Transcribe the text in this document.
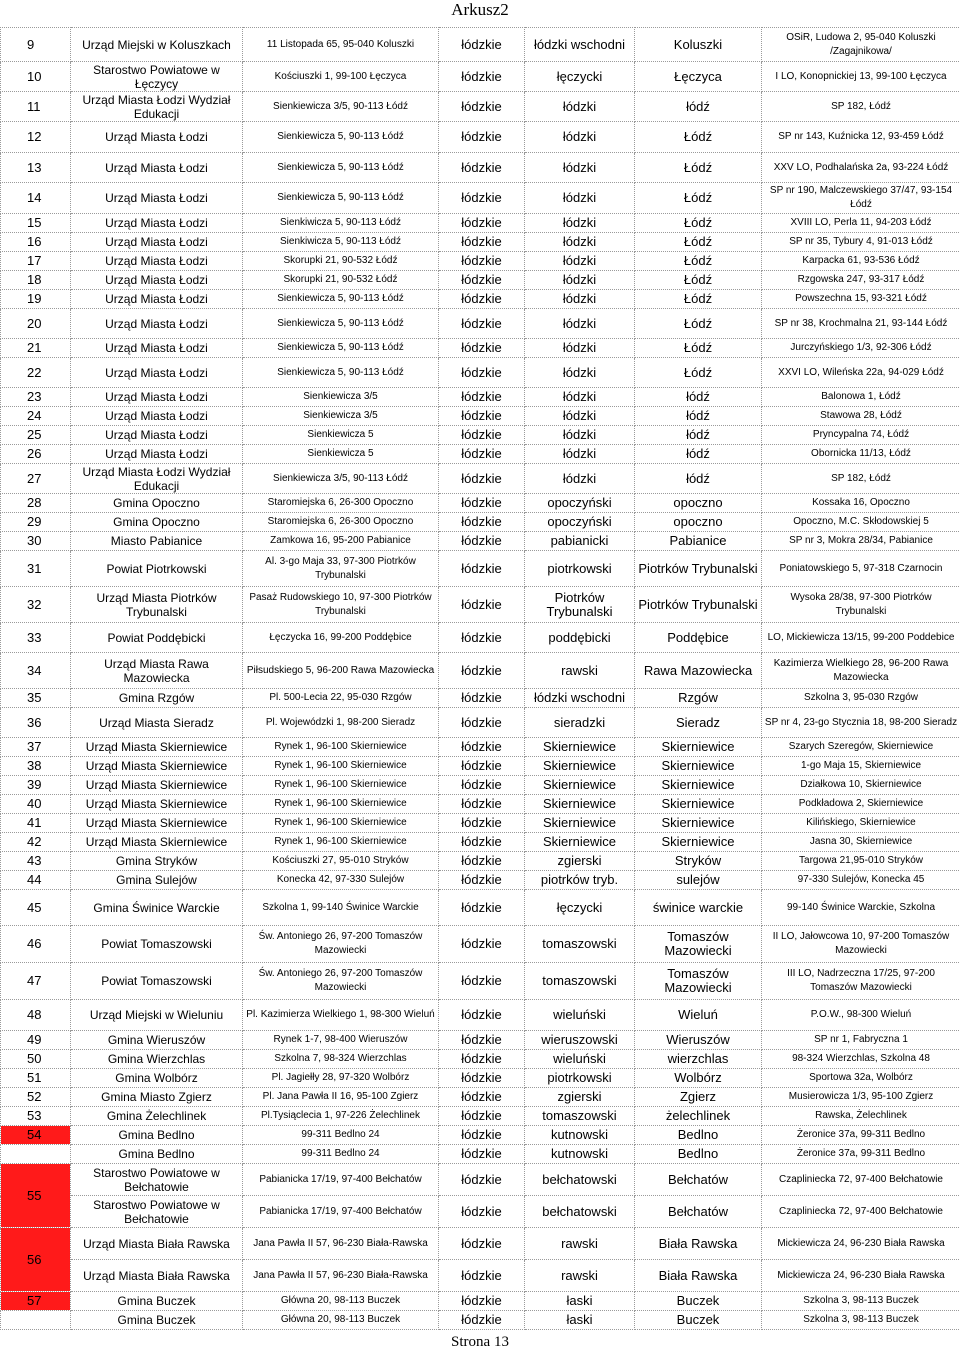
Arkusz2
9	Urząd Miejski w Koluszkach	11 Listopada 65, 95-040 Koluszki	łódzkie	łódzki wschodni	Koluszki	OSiR, Ludowa 2, 95-040 Koluszki /Zagajnikowa/
10	Starostwo Powiatowe w Łęczycy	Kościuszki 1, 99-100 Łęczyca	łódzkie	łęczycki	Łęczyca	I LO, Konopnickiej 13, 99-100 Łęczyca
11	Urząd Miasta Łodzi Wydział Edukacji	Sienkiewicza 3/5, 90-113 Łódź	łódzkie	łódzki	łódź	SP 182, Łódź
12	Urząd Miasta Łodzi	Sienkiewicza 5, 90-113 Łódź	łódzkie	łódzki	Łódź	SP nr 143, Kuźnicka 12, 93-459 Łódź
13	Urząd Miasta Łodzi	Sienkiewicza 5, 90-113 Łódź	łódzkie	łódzki	Łódź	XXV LO, Podhalańska 2a, 93-224 Łódź
14	Urząd Miasta Łodzi	Sienkiewicza 5, 90-113 Łódź	łódzkie	łódzki	Łódź	SP nr 190, Malczewskiego 37/47, 93-154 Łódź
15	Urząd Miasta Łodzi	Sienkiwicza 5, 90-113 Łódź	łódzkie	łódzki	Łódź	XVIII LO, Perla 11, 94-203 Łódź
16	Urząd Miasta Łodzi	Sienkiwicza 5, 90-113 Łódź	łódzkie	łódzki	Łódź	SP nr 35, Tybury 4, 91-013 Łódź
17	Urząd Miasta Łodzi	Skorupki 21, 90-532 Łódź	łódzkie	łódzki	Łódź	Karpacka 61, 93-536 Łódź
18	Urząd Miasta Łodzi	Skorupki 21, 90-532 Łódź	łódzkie	łódzki	Łódź	Rzgowska 247, 93-317 Łódź
19	Urząd Miasta Łodzi	Sienkiewicza 5, 90-113 Łódź	łódzkie	łódzki	Łódź	Powszechna 15, 93-321 Łódź
20	Urząd Miasta Łodzi	Sienkiewicza 5, 90-113 Łódź	łódzkie	łódzki	Łódź	SP nr 38, Krochmalna 21, 93-144 Łódź
21	Urząd Miasta Łodzi	Sienkiewicza 5, 90-113 Łódź	łódzkie	łódzki	Łódź	Jurczyńskiego 1/3, 92-306 Łódź
22	Urząd Miasta Łodzi	Sienkiewicza 5, 90-113 Łódź	łódzkie	łódzki	Łódź	XXVI LO, Wileńska 22a, 94-029 Łódź
23	Urząd Miasta Łodzi	Sienkiewicza 3/5	łódzkie	łódzki	łódź	Balonowa 1, Łódź
24	Urząd Miasta Łodzi	Sienkiewicza 3/5	łódzkie	łódzki	łódź	Stawowa 28, Łódź
25	Urząd Miasta Łodzi	Sienkiewicza 5	łódzkie	łódzki	łódź	Pryncypalna 74, Łódź
26	Urząd Miasta Łodzi	Sienkiewicza 5	łódzkie	łódzki	łódź	Obornicka 11/13, Łódź
27	Urząd Miasta Łodzi Wydział Edukacji	Sienkiewicza 3/5, 90-113 Łódź	łódzkie	łódzki	łódź	SP 182, Łódź
28	Gmina Opoczno	Staromiejska 6, 26-300 Opoczno	łódzkie	opoczyński	opoczno	Kossaka 16, Opoczno
29	Gmina Opoczno	Staromiejska 6, 26-300 Opoczno	łódzkie	opoczyński	opoczno	Opoczno, M.C. Skłodowskiej 5
30	Miasto Pabianice	Zamkowa 16, 95-200 Pabianice	łódzkie	pabianicki	Pabianice	SP nr 3, Mokra 28/34, Pabianice
31	Powiat Piotrkowski	Al. 3-go Maja 33, 97-300 Piotrków Trybunalski	łódzkie	piotrkowski	Piotrków Trybunalski	Poniatowskiego 5, 97-318 Czarnocin
32	Urząd Miasta Piotrków Trybunalski	Pasaż Rudowskiego 10, 97-300 Piotrków Trybunalski	łódzkie	Piotrków Trybunalski	Piotrków Trybunalski	Wysoka 28/38, 97-300 Piotrków Trybunalski
33	Powiat Poddębicki	Łęczycka 16, 99-200 Poddębice	łódzkie	poddębicki	Poddębice	LO, Mickiewicza 13/15, 99-200 Poddebice
34	Urząd Miasta Rawa Mazowiecka	Piłsudskiego 5, 96-200 Rawa Mazowiecka	łódzkie	rawski	Rawa Mazowiecka	Kazimierza Wielkiego 28, 96-200 Rawa Mazowiecka
35	Gmina Rzgów	Pl. 500-Lecia 22, 95-030 Rzgów	łódzkie	łódzki wschodni	Rzgów	Szkolna 3, 95-030 Rzgów
36	Urząd Miasta Sieradz	Pl. Wojewódzki 1, 98-200 Sieradz	łódzkie	sieradzki	Sieradz	SP nr 4, 23-go Stycznia 18, 98-200 Sieradz
37	Urząd Miasta Skierniewice	Rynek 1, 96-100 Skierniewice	łódzkie	Skierniewice	Skierniewice	Szarych Szeregów, Skierniewice
38	Urząd Miasta Skierniewice	Rynek 1, 96-100 Skierniewice	łódzkie	Skierniewice	Skierniewice	1-go Maja 15, Skierniewice
39	Urząd Miasta Skierniewice	Rynek 1, 96-100 Skierniewice	łódzkie	Skierniewice	Skierniewice	Działkowa 10, Skierniewice
40	Urząd Miasta Skierniewice	Rynek 1, 96-100 Skierniewice	łódzkie	Skierniewice	Skierniewice	Podkładowa 2, Skierniewice
41	Urząd Miasta Skierniewice	Rynek 1, 96-100 Skierniewice	łódzkie	Skierniewice	Skierniewice	Kilińskiego, Skierniewice
42	Urząd Miasta Skierniewice	Rynek 1, 96-100 Skierniewice	łódzkie	Skierniewice	Skierniewice	Jasna 30, Skierniewice
43	Gmina Stryków	Kościuszki 27, 95-010 Stryków	łódzkie	zgierski	Stryków	Targowa 21,95-010 Stryków
44	Gmina Sulejów	Konecka 42, 97-330 Sulejów	łódzkie	piotrków tryb.	sulejów	97-330 Sulejów, Konecka 45
45	Gmina Świnice Warckie	Szkolna 1, 99-140 Świnice Warckie	łódzkie	łęczycki	świnice warckie	99-140 Świnice Warckie, Szkolna
46	Powiat Tomaszowski	Św. Antoniego 26, 97-200 Tomaszów Mazowiecki	łódzkie	tomaszowski	Tomaszów Mazowiecki	II LO, Jałowcowa 10, 97-200 Tomaszów Mazowiecki
47	Powiat Tomaszowski	Św. Antoniego 26, 97-200 Tomaszów Mazowiecki	łódzkie	tomaszowski	Tomaszów Mazowiecki	III LO, Nadrzeczna 17/25, 97-200 Tomaszów Mazowiecki
48	Urząd Miejski w Wieluniu	Pl. Kazimierza Wielkiego 1, 98-300 Wieluń	łódzkie	wieluński	Wieluń	P.O.W., 98-300 Wieluń
49	Gmina Wieruszów	Rynek 1-7, 98-400 Wieruszów	łódzkie	wieruszowski	Wieruszów	SP nr 1, Fabryczna 1
50	Gmina Wierzchlas	Szkolna 7, 98-324 Wierzchlas	łódzkie	wieluński	wierzchlas	98-324 Wierzchlas, Szkolna 48
51	Gmina Wolbórz	Pl. Jagiełły 28, 97-320 Wolbórz	łódzkie	piotrkowski	Wolbórz	Sportowa 32a, Wolbórz
52	Gmina Miasto Zgierz	Pl. Jana Pawła II 16, 95-100 Zgierz	łódzkie	zgierski	Zgierz	Musierowicza 1/3, 95-100 Zgierz
53	Gmina Żelechlinek	Pl.Tysiąclecia 1, 97-226 Żelechlinek	łódzkie	tomaszowski	żelechlinek	Rawska, Żelechlinek
54	Gmina Bedlno	99-311 Bedlno 24	łódzkie	kutnowski	Bedlno	Żeronice 37a, 99-311 Bedlno
	Gmina Bedlno	99-311 Bedlno 24	łódzkie	kutnowski	Bedlno	Żeronice 37a, 99-311 Bedlno
55	Starostwo Powiatowe w Bełchatowie	Pabianicka 17/19, 97-400 Bełchatów	łódzkie	bełchatowski	Bełchatów	Czaplinieckа 72, 97-400 Bełchatowie
	Starostwo Powiatowe w Bełchatowie	Pabianicka 17/19, 97-400 Bełchatów	łódzkie	bełchatowski	Bełchatów	Czaplinieckа 72, 97-400 Bełchatowie
56	Urząd Miasta Biała Rawska	Jana Pawła II 57, 96-230 Biała-Rawska	łódzkie	rawski	Biała Rawska	Mickiewicza 24, 96-230 Biała Rawska
	Urząd Miasta Biała Rawska	Jana Pawła II 57, 96-230 Biała-Rawska	łódzkie	rawski	Biała Rawska	Mickiewicza 24, 96-230 Biała Rawska
57	Gmina Buczek	Główna 20, 98-113 Buczek	łódzkie	łaski	Buczek	Szkolna 3, 98-113 Buczek
	Gmina Buczek	Główna 20, 98-113 Buczek	łódzkie	łaski	Buczek	Szkolna 3, 98-113 Buczek
Strona 13
